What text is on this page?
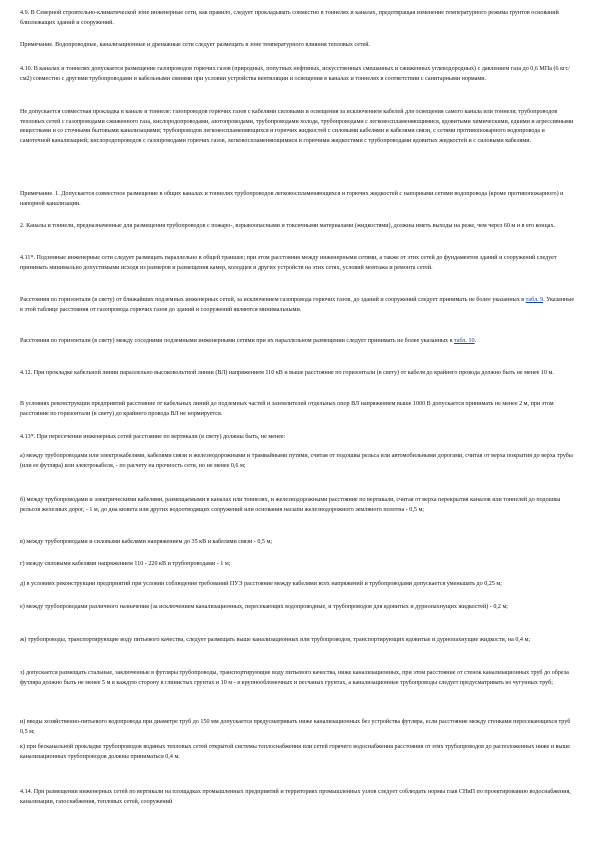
4.9. В Северной строительно-климатической зоне инженерные сети, как правило, следует прокладывать совместно в тоннелях и каналах, предотвращая изменение температурного режима грунтов оснований близлежащих зданий и сооружений.

Примечание. Водопроводные, канализационные и дренажные сети следует размещать в зоне температурного влияния тепловых сетей.

4.10. В каналах и тоннелях допускается размещение газопроводов горючих газов (природных, попутных нефтяных, искусственных смешанных и сжиженных углеводородных) с давлением газа до 0,6 МПа (6 кгс/см2) совместно с другими трубопроводами и кабельными связями при условии устройства вентиляции и освещения в каналах и тоннелях в соответствии с санитарными нормами.

Не допускается совместная прокладка в канале и тоннеле: газопроводов горючих газов с кабелями силовыми и освещения за исключением кабелей для освещения самого канала или тоннеля; трубопроводов тепловых сетей с газопроводами сжиженного газа, кислородопроводами, азотопроводами, трубопроводами холода, трубопроводами с легковоспламеняющимися, ядовитыми химическими, едкими и агрессивными веществами и со сточными бытовыми канализациями; трубопроводов легковоспламеняющихся и горючих жидкостей с силовыми кабелями и кабелями связи, с сетями противопожарного водопровода и самотечной канализацией; кислородопроводов с газопроводами горючих газов, легковоспламеняющимися и горючими жидкостями с трубопроводами ядовитых жидкостей и с силовыми кабелями.

Примечание. 1. Допускается совместное размещение в общих каналах и тоннелях трубопроводов легковоспламеняющихся и горючих жидкостей с напорными сетями водопровода (кроме противопожарного) и напорной канализации.

2. Каналы и тоннели, предназначенные для размещения трубопроводов с пожаро-, взрывоопасными и токсичными материалами (жидкостями), должны иметь выходы на реже, чем через 60 м и в его концах.

4.11*. Подземные инженерные сети следует размещать параллельно в общей траншее; при этом расстояния между инженерными сетями, а также от этих сетей до фундаментов зданий и сооружений следует принимать минимально допустимыми исходя из размеров и размещения камер, колодцев и других устройств на этих сетях, условий монтажа и ремонта сетей.

Расстояния по горизонтали (в свету) от ближайших подземных инженерных сетей, за исключением газопровода горючих газов, до зданий и сооружений следует принимать не более указанных в табл. 9. Указанные в этой таблице расстояния от газопровода горючих газов до зданий и сооружений являются минимальными.

Расстояния по горизонтали (в свету) между соседними подземными инженерными сетями при их параллельном размещении следует принимать не более указанных в табл. 10.

4.12. При прокладке кабельной линии параллельно высоковольтной линии (ВЛ) напряжением 110 кВ и выше расстояние по горизонтали (в свету) от кабеля до крайнего провода должно быть не менее 10 м.

В условиях реконструкции предприятий расстояние от кабельных линий до подземных частей и заземлителей отдельных опор ВЛ напряжением выше 1000 В допускается принимать не менее 2 м, при этом расстояние по горизонтали (в свету) до крайнего провода ВЛ не нормируется.

4.13*. При пересечении инженерных сетей расстояние по вертикали (в свету) должны быть, не менее:

а) между трубопроводами или электрокабелями, кабелями связи и железнодорожными и трамвайными путями, считая от подошвы рельса или автомобильными дорогами, считая от верха покрытия до верха трубы (или ее футляра) или электрокабеля, - по расчету на прочность сети, но не менее 0,6 м;

б) между трубопроводами и электрическими кабелями, размещаемыми в каналах или тоннелях, и железнодорожными расстояние по вертикали, считая от верха перекрытия каналов или тоннелей до подошвы рельсов железных дорог, - 1 м, до дна кювета или других водоотводящих сооружений или основания насыпи железнодорожного земляного полотна - 0,5 м;

в) между трубопроводами и силовыми кабелями напряжением до 35 кВ и кабелями связи - 0,5 м;

г) между силовыми кабелями напряжением 110 - 220 кВ и трубопроводами - 1 м;

д) в условиях реконструкции предприятий при условии соблюдения требований ПУЭ расстояние между кабелями всех напряжений и трубопроводами допускается уменьшать до 0,25 м;

е) между трубопроводами различного назначения (за исключением канализационных, пересекающих водопроводные, и трубопроводов для ядовитых и дурнопахнущих жидкостей) - 0,2 м;

ж) трубопроводы, транспортирующие воду питьевого качества, следует размещать выше канализационных или трубопроводов, транспортирующих ядовитые и дурнопахнущие жидкости, на 0,4 м;

з) допускается размещать стальные, заключенные в футляры трубопроводы, транспортирующие воду питьевого качества, ниже канализационных, при этом расстояние от стенок канализационных труб до обреза футляра должно быть не менее 5 м в каждую сторону в глинистых грунтах и 10 м - в крупнообломочных и песчаных грунтах, а канализационные трубопроводы следует предусматривать из чугунных труб;

и) вводы хозяйственно-питьевого водопровода при диаметре труб до 150 мм допускается предусматривать ниже канализационных без устройства футляра, если расстояние между стенками пересекающихся труб 0,5 м;

к) при бесканальной прокладке трубопроводов водяных тепловых сетей открытой системы теплоснабжения или сетей горячего водоснабжения расстояния от этих трубопроводов до расположенных ниже и выше канализационных трубопроводов должны приниматься 0,4 м.

4.14. При размещении инженерных сетей по вертикали на площадках промышленных предприятий и территориях промышленных узлов следует соблюдать нормы глав СНиП по проектированию водоснабжения, канализации, газоснабжения, тепловых сетей, сооружений
